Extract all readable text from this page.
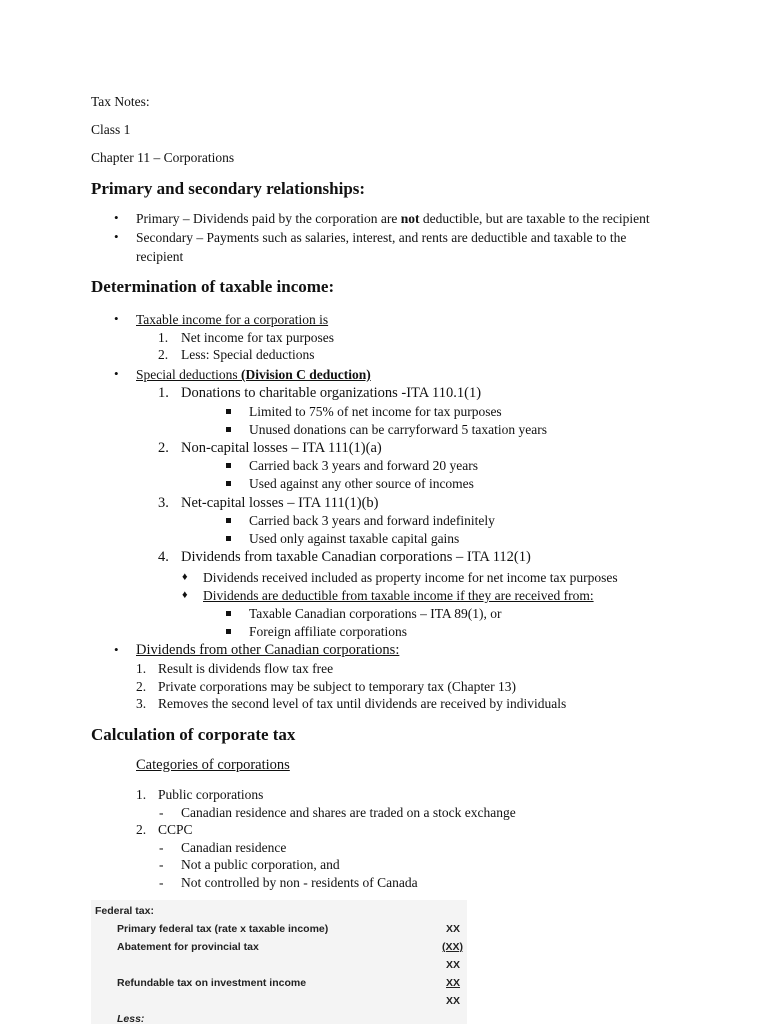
Tax Notes:
Class 1
Chapter 11 – Corporations
Primary and secondary relationships:
• Primary – Dividends paid by the corporation are not deductible, but are taxable to the recipient
• Secondary – Payments such as salaries, interest, and rents are deductible and taxable to the
recipient
Determination of taxable income:
• Taxable income for a corporation is
1. Net income for tax purposes
2. Less: Special deductions
• Special deductions (Division C deduction)
1. Donations to charitable organizations -ITA 110.1(1)
Limited to 75% of net income for tax purposes
Unused donations can be carryforward 5 taxation years
2. Non-capital losses – ITA 111(1)(a)
Carried back 3 years and forward 20 years
Used against any other source of incomes
3. Net-capital losses – ITA 111(1)(b)
Carried back 3 years and forward indefinitely
Used only against taxable capital gains
4. Dividends from taxable Canadian corporations – ITA 112(1)
♦ Dividends received included as property income for net income tax purposes
♦ Dividends are deductible from taxable income if they are received from:
Taxable Canadian corporations – ITA 89(1), or
Foreign affiliate corporations
• Dividends from other Canadian corporations:
1. Result is dividends flow tax free
2. Private corporations may be subject to temporary tax (Chapter 13)
3. Removes the second level of tax until dividends are received by individuals
Calculation of corporate tax
Categories of corporations
1. Public corporations
- Canadian residence and shares are traded on a stock exchange
2. CCPC
- Canadian residence
- Not a public corporation, and
- Not controlled by non - residents of Canada
Federal tax:
Primary federal tax (rate x taxable income)	XX
Abatement for provincial tax	(XX)
XX
Refundable tax on investment income	XX
XX
Less:
